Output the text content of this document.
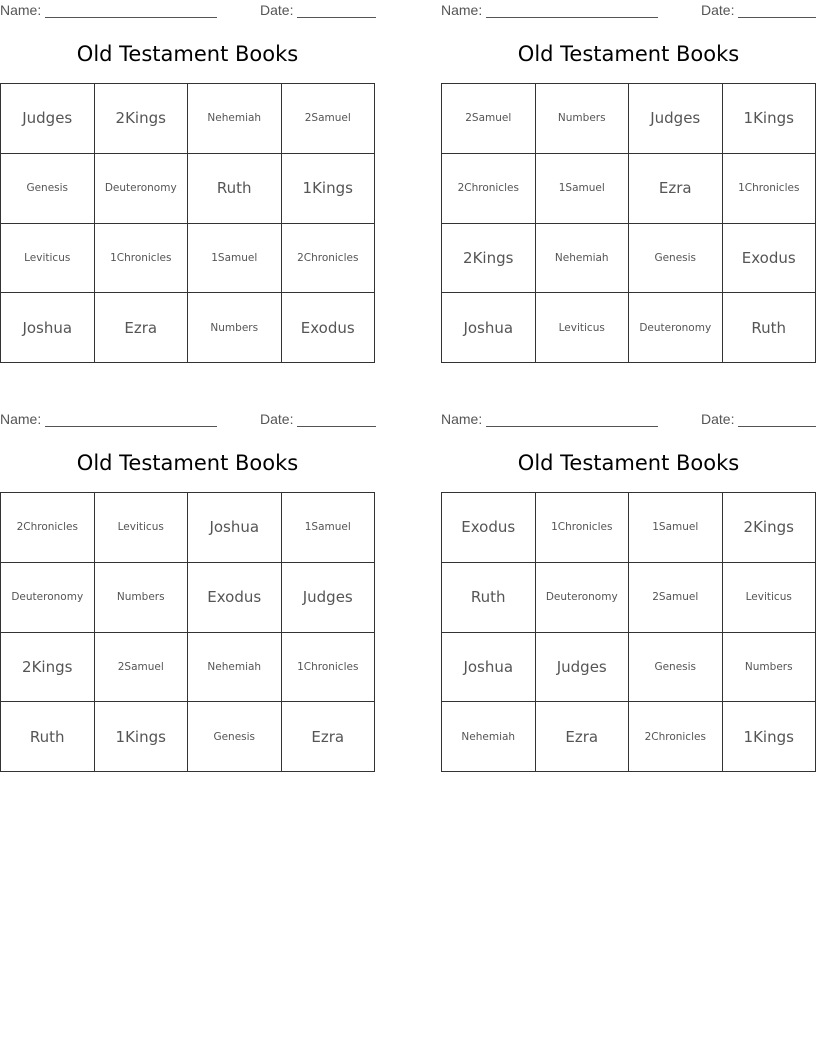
Name:	Date:
Old Testament Books
Judges	2Kings	Nehemiah	2Samuel
Genesis	Deuteronomy	Ruth	1Kings
Leviticus	1Chronicles	1Samuel	2Chronicles
Joshua	Ezra	Numbers	Exodus
Name:	Date:
Old Testament Books
2Samuel	Numbers	Judges	1Kings
2Chronicles	1Samuel	Ezra	1Chronicles
2Kings	Nehemiah	Genesis	Exodus
Joshua	Leviticus	Deuteronomy	Ruth
Name:	Date:
Old Testament Books
2Chronicles	Leviticus	Joshua	1Samuel
Deuteronomy	Numbers	Exodus	Judges
2Kings	2Samuel	Nehemiah	1Chronicles
Ruth	1Kings	Genesis	Ezra
Name:	Date:
Old Testament Books
Exodus	1Chronicles	1Samuel	2Kings
Ruth	Deuteronomy	2Samuel	Leviticus
Joshua	Judges	Genesis	Numbers
Nehemiah	Ezra	2Chronicles	1Kings
